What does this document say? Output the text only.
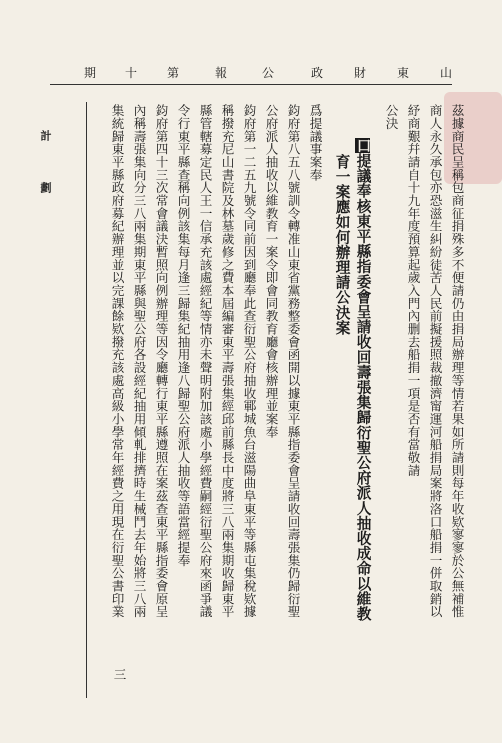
山
東
財
政
公
報
第
十
期
茲據商民呈稱包商征捐殊多不便請仍由捐局辦理等情若果如所請則每年收欵寥寥於公無補惟
商人永久承包亦恐滋生糾紛徒苦人民前擬援照裁撤濟甯運河船捐局案將洛口船捐一併取銷以
紓商艱幷請自十九年度預算起歲入門內删去船捐一項是否有當敬請
公決
口提議奉核東平縣指委會呈請收回壽張集歸衍聖公府派人抽收成命以維教
育一案應如何辦理請公決案
爲提議事案奉
鈞府第八五八號訓令轉准山東省黨務整委會函開以據東平縣指委會呈請收回壽張集仍歸衍聖
公府派人抽收以維教育一案令即會同教育廳會核辦理並案奉
鈞府第一二五九號令同前因到廳奉此查衍聖公府抽收鄆城魚台滋陽曲阜東平等縣屯集稅欵據
稱撥充尼山書院及林墓歲修之費本屆編審東平壽張集經邱前縣長中度將三八兩集期收歸東平
縣管轄募定民人王一信承充該處經紀等情亦未聲明附加該處小學經費嗣經衍聖公府來函爭議
令行東平縣查稱向例該集每月逢三歸集紀抽用逢八歸聖公府派人抽收等語當經提奉
鈞府第四十三次常會議決暫照向例辦理等因令廳轉行東平縣遵照在案茲查東平縣指委會原呈
內稱壽張集向分三八兩集期東平縣與聖公府各設經紀抽用傾軋排擠時生械鬥去年始將三八兩
集統歸東平縣政府募紀辦理並以完課餘欵撥充該處高級小學常年經費之用現在衍聖公書印業
計 劃
三
